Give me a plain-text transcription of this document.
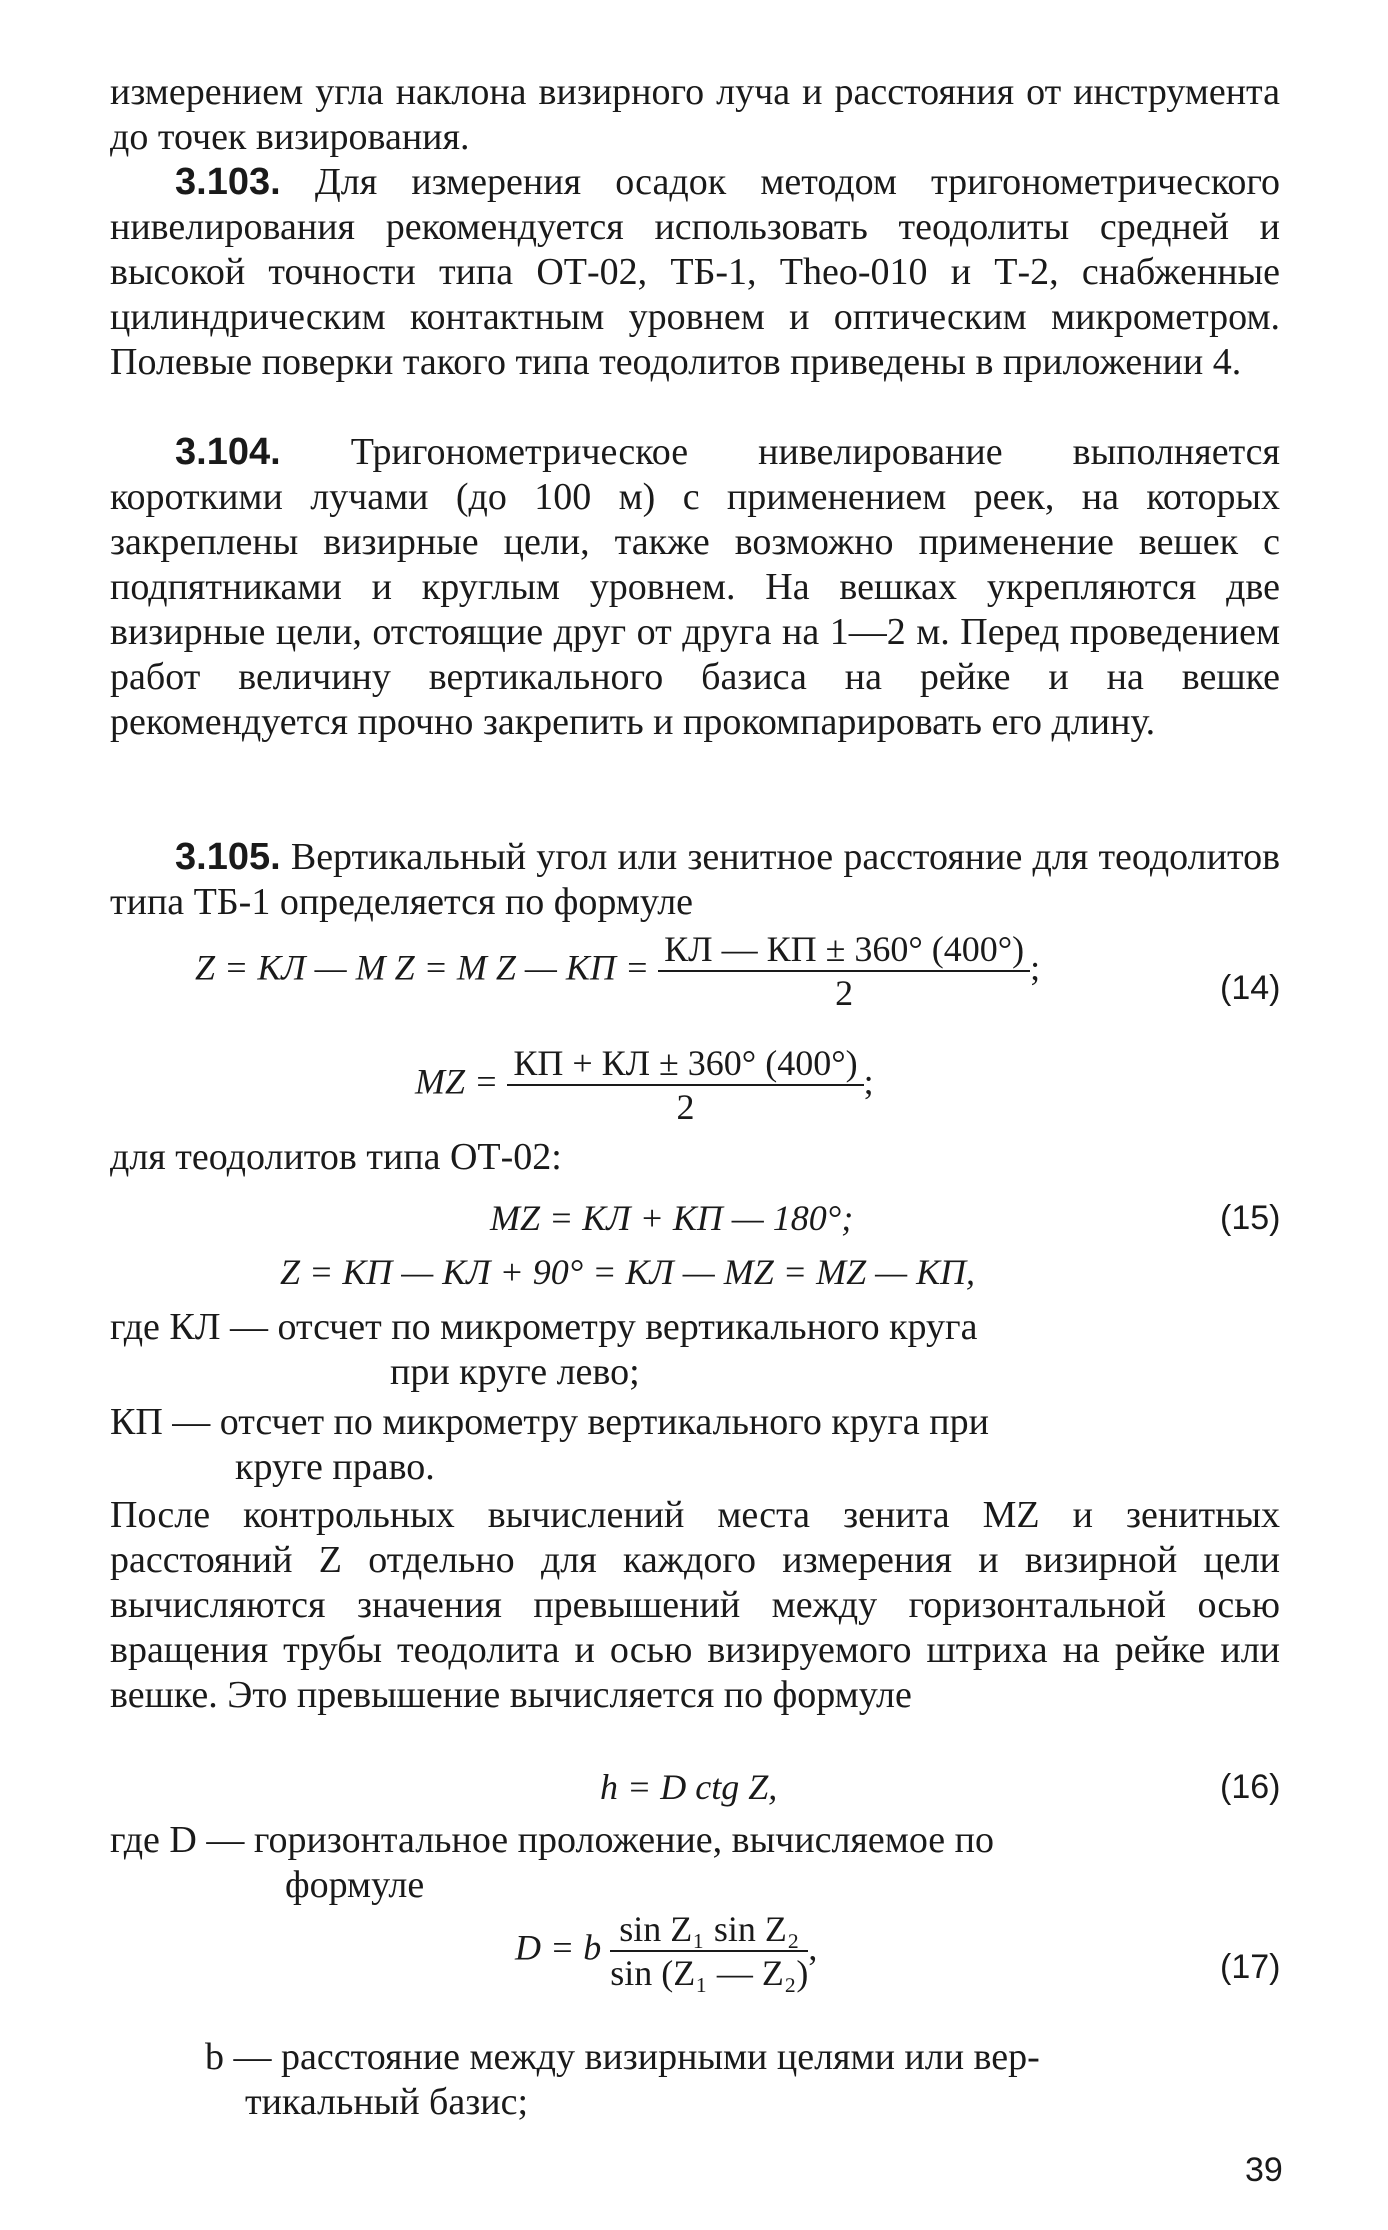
измерением угла наклона визирного луча и расстояния от инструмента до точек визирования.

3.103. Для измерения осадок методом тригонометрического нивелирования рекомендуется использовать теодолиты средней и высокой точности типа ОТ-02, ТБ-1, Theo-010 и Т-2, снабженные цилиндрическим контактным уровнем и оптическим микрометром. Полевые поверки такого типа теодолитов приведены в приложении 4.

3.104. Тригонометрическое нивелирование выполняется короткими лучами (до 100 м) с применением реек, на которых закреплены визирные цели, также возможно применение вешек с подпятниками и круглым уровнем. На вешках укрепляются две визирные цели, отстоящие друг от друга на 1—2 м. Перед проведением работ величину вертикального базиса на рейке и на вешке рекомендуется прочно закрепить и прокомпарировать его длину.

3.105. Вертикальный угол или зенитное расстояние для теодолитов типа ТБ-1 определяется по формуле

Z = КЛ — M Z = M Z — КП = $\frac{КЛ — КП \pm 360^\circ (400^\circ)}{2}$ ;
(14)
MZ = $\frac{КП + КЛ \pm 360^\circ (400^\circ)}{2}$ ;

для теодолитов типа ОТ-02:

MZ = КЛ + КП — 180°;	(15)
Z = КП — КЛ + 90° = КЛ — MZ = MZ — КП,
где КЛ — отсчет по микрометру вертикального круга
при круге лево;
КП — отсчет по микрометру вертикального круга при
круге право.

После контрольных вычислений места зенита MZ и зенитных расстояний Z отдельно для каждого измерения и визирной цели вычисляются значения превышений между горизонтальной осью вращения трубы теодолита и осью визируемого штриха на рейке или вешке. Это превышение вычисляется по формуле

h = D ctg Z,	(16)
где D — горизонтальное проложение, вычисляемое по
формуле
D = b $\frac{\text{sin Z₁ sin Z₂}}{\text{sin (Z₁ — Z₂)}}$ ,	(17)
b — расстояние между визирными целями или вер-
тикальный базис;
39
